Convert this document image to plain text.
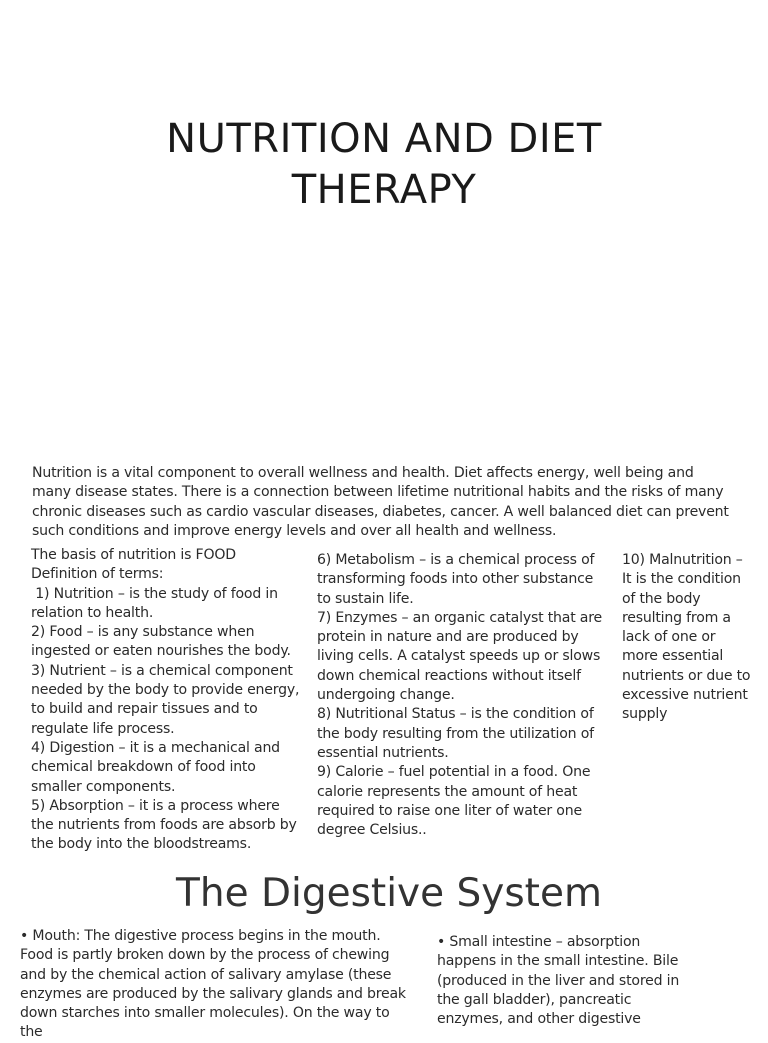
NUTRITION AND DIET
THERAPY
Nutrition is a vital component to overall wellness and health. Diet affects energy, well being and many disease states. There is a connection between lifetime nutritional habits and the risks of many chronic diseases such as cardio vascular diseases, diabetes, cancer. A well balanced diet can prevent such conditions and improve energy levels and over all health and wellness.
The basis of nutrition is FOOD
Definition of terms:
1) Nutrition – is the study of food in relation to health.
2) Food – is any substance when ingested or eaten nourishes the body.
3) Nutrient – is a chemical component needed by the body to provide energy, to build and repair tissues and to regulate life process.
4) Digestion – it is a mechanical and chemical breakdown of food into smaller components.
5) Absorption – it is a process where the nutrients from foods are absorb by the body into the bloodstreams.
6) Metabolism – is a chemical process of transforming foods into other substance to sustain life.
7) Enzymes – an organic catalyst that are protein in nature and are produced by living cells. A catalyst speeds up or slows down chemical reactions without itself undergoing change.
8) Nutritional Status – is the condition of the body resulting from the utilization of essential nutrients.
9) Calorie – fuel potential in a food. One calorie represents the amount of heat required to raise one liter of water one degree Celsius..
10) Malnutrition – It is the condition of the body resulting from a lack of one or more essential nutrients or due to excessive nutrient supply
The Digestive System
• Mouth: The digestive process begins in the mouth. Food is partly broken down by the process of chewing and by the chemical action of salivary amylase (these enzymes are produced by the salivary glands and break down starches into smaller molecules). On the way to the
• Small intestine – absorption happens in the small intestine. Bile (produced in the liver and stored in the gall bladder), pancreatic enzymes, and other digestive
